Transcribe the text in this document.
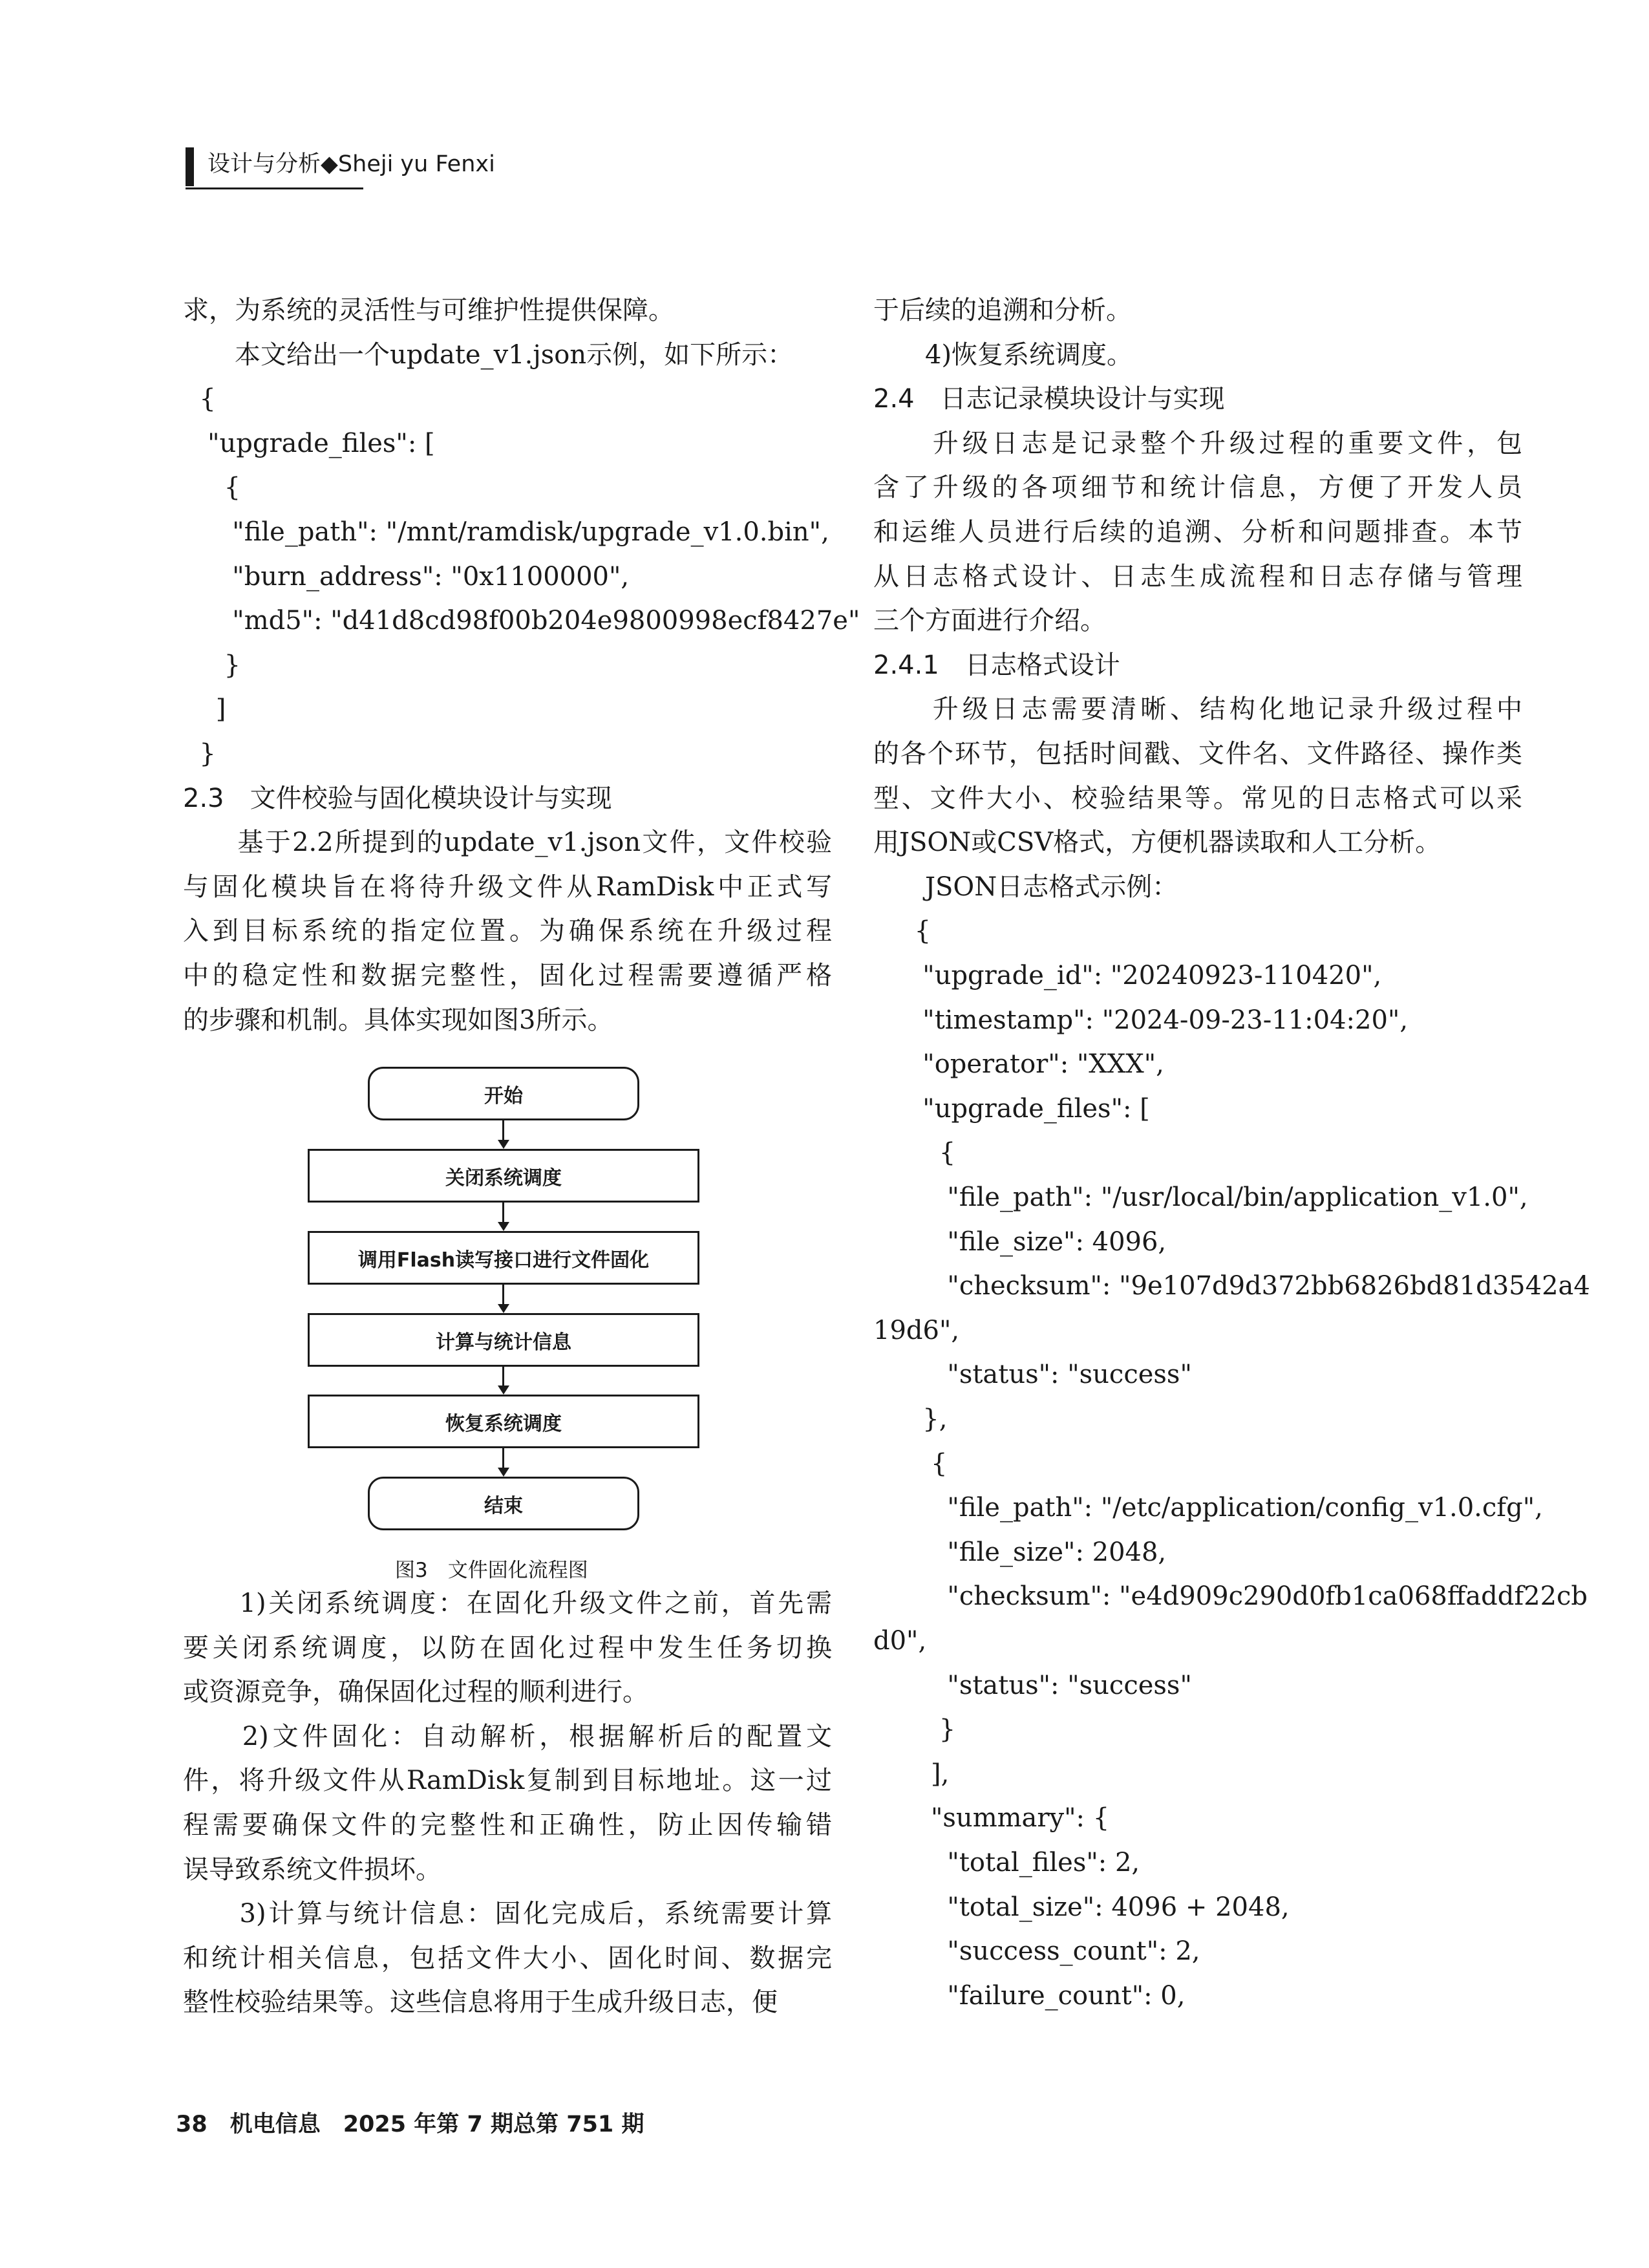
设计与分析◆Sheji yu Fenxi
求，为系统的灵活性与可维护性提供保障。
　　本文给出一个update_v1.json示例，如下所示：
{
"upgrade_files": [
{
"file_path": "/mnt/ramdisk/upgrade_v1.0.bin",
"burn_address": "0x1100000",
"md5": "d41d8cd98f00b204e9800998ecf8427e"
}
]
}
2.3　文件校验与固化模块设计与实现
　　基于2.2所提到的update_v1.json文件，文件校验
与固化模块旨在将待升级文件从RamDisk中正式写
入到目标系统的指定位置。为确保系统在升级过程
中的稳定性和数据完整性，固化过程需要遵循严格
的步骤和机制。具体实现如图3所示。
开始
关闭系统调度
调用Flash读写接口进行文件固化
计算与统计信息
恢复系统调度
结束
图3　文件固化流程图
　　1)关闭系统调度：在固化升级文件之前，首先需
要关闭系统调度，以防在固化过程中发生任务切换
或资源竞争，确保固化过程的顺利进行。
　　2)文件固化：自动解析，根据解析后的配置文
件，将升级文件从RamDisk复制到目标地址。这一过
程需要确保文件的完整性和正确性，防止因传输错
误导致系统文件损坏。
　　3)计算与统计信息：固化完成后，系统需要计算
和统计相关信息，包括文件大小、固化时间、数据完
整性校验结果等。这些信息将用于生成升级日志，便
于后续的追溯和分析。
　　4)恢复系统调度。
2.4　日志记录模块设计与实现
　　升级日志是记录整个升级过程的重要文件，包
含了升级的各项细节和统计信息，方便了开发人员
和运维人员进行后续的追溯、分析和问题排查。本节
从日志格式设计、日志生成流程和日志存储与管理
三个方面进行介绍。
2.4.1　日志格式设计
　　升级日志需要清晰、结构化地记录升级过程中
的各个环节，包括时间戳、文件名、文件路径、操作类
型、文件大小、校验结果等。常见的日志格式可以采
用JSON或CSV格式，方便机器读取和人工分析。
　　JSON日志格式示例：
{
"upgrade_id": "20240923-110420",
"timestamp": "2024-09-23-11:04:20",
"operator": "XXX",
"upgrade_files": [
{
"file_path": "/usr/local/bin/application_v1.0",
"file_size": 4096,
"checksum": "9e107d9d372bb6826bd81d3542a4
19d6",
"status": "success"
},
{
"file_path": "/etc/application/config_v1.0.cfg",
"file_size": 2048,
"checksum": "e4d909c290d0fb1ca068ffaddf22cb
d0",
"status": "success"
}
],
"summary": {
"total_files": 2,
"total_size": 4096 + 2048,
"success_count": 2,
"failure_count": 0,
38　机电信息　2025 年第 7 期总第 751 期
